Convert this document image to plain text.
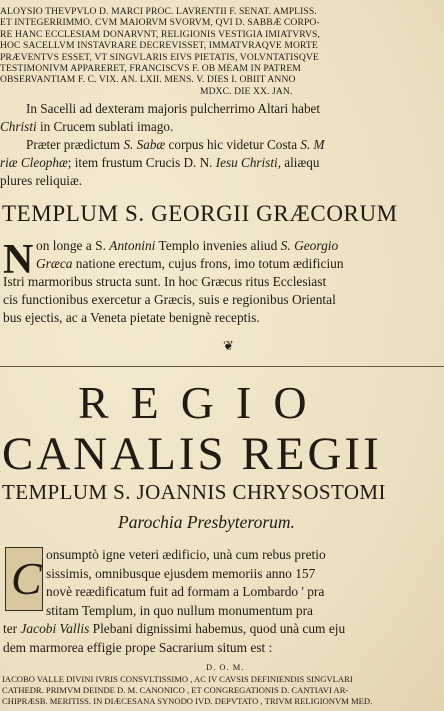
ALOYSIO THEVPVLO D. MARCI PROC. LAVRENTII F. SENAT. AMPLISS.
ET INTEGERRIMMO. CVM MAIORVM SVORVM, QVI D. SABBÆ CORPO-
RE HANC ECCLESIAM DONARVNT, RELIGIONIS VESTIGIA IMIATVRVS,
HOC SACELLVM INSTAVRARE DECREVISSET, IMMATVRAQVE MORTE
PRÆVENTVS ESSET, VT SINGVLARIS EIVS PIETATIS, VOLVNTATISQVE
TESTIMONIVM APPARERET, FRANCISCVS F. OB MEAM IN PATREM
OBSERVANTIAM F. C. VIX. AN. LXII. MENS. V. DIES I. OBIIT ANNO
MDXC. DIE XX. JAN.
In Sacelli ad dexteram majoris pulcherrimo Altari habet
Christi in Crucem sublati imago.
Præter prædictum S. Sabæ corpus hic videtur Costa S. M
riæ Cleophæ; item frustum Crucis D. N. Iesu Christi, aliæqu
plures reliquiæ.
TEMPLUM S. GEORGII GRÆCORUM
N on longe a S. Antonini Templo invenies aliud S. Georgio
Græca natione erectum, cujus frons, imo totum ædificiun
Istri marmoribus structa sunt. In hoc Græcus ritus Ecclesiast
cis functionibus exercetur a Græcis, suis e regionibus Oriental
bus ejectis, ac a Veneta pietate benignè receptis.
❦
REGIO
CANALIS REGII
TEMPLUM S. JOANNIS CHRYSOSTOMI
Parochia Presbyterorum.
C onsumptò igne veteri ædificio, unà cum rebus pretio
sissimis, omnibusque ejusdem memoriis anno 157
novè reædificatum fuit ad formam a Lombardo ' pra
stitam Templum, in quo nullum monumentum pra
ter Jacobi Vallis Plebani dignissimi habemus, quod unà cum eju
dem marmorea effigie prope Sacrarium situm est :
D. O. M.
IACOBO VALLE DIVINI IVRIS CONSVLTISSIMO , AC IV CAVSIS DEFINIENDIS SINGVLARI
CATHEDR. PRIMVM DEINDE D. M. CANONICO , ET CONGREGATIONIS D. CANTIAVI AR-
CHIPRÆSB. MERITISS. IN DIÆCESANA SYNODO IVD. DEPVTATO , TRIVM RELIGIONVM MED.
